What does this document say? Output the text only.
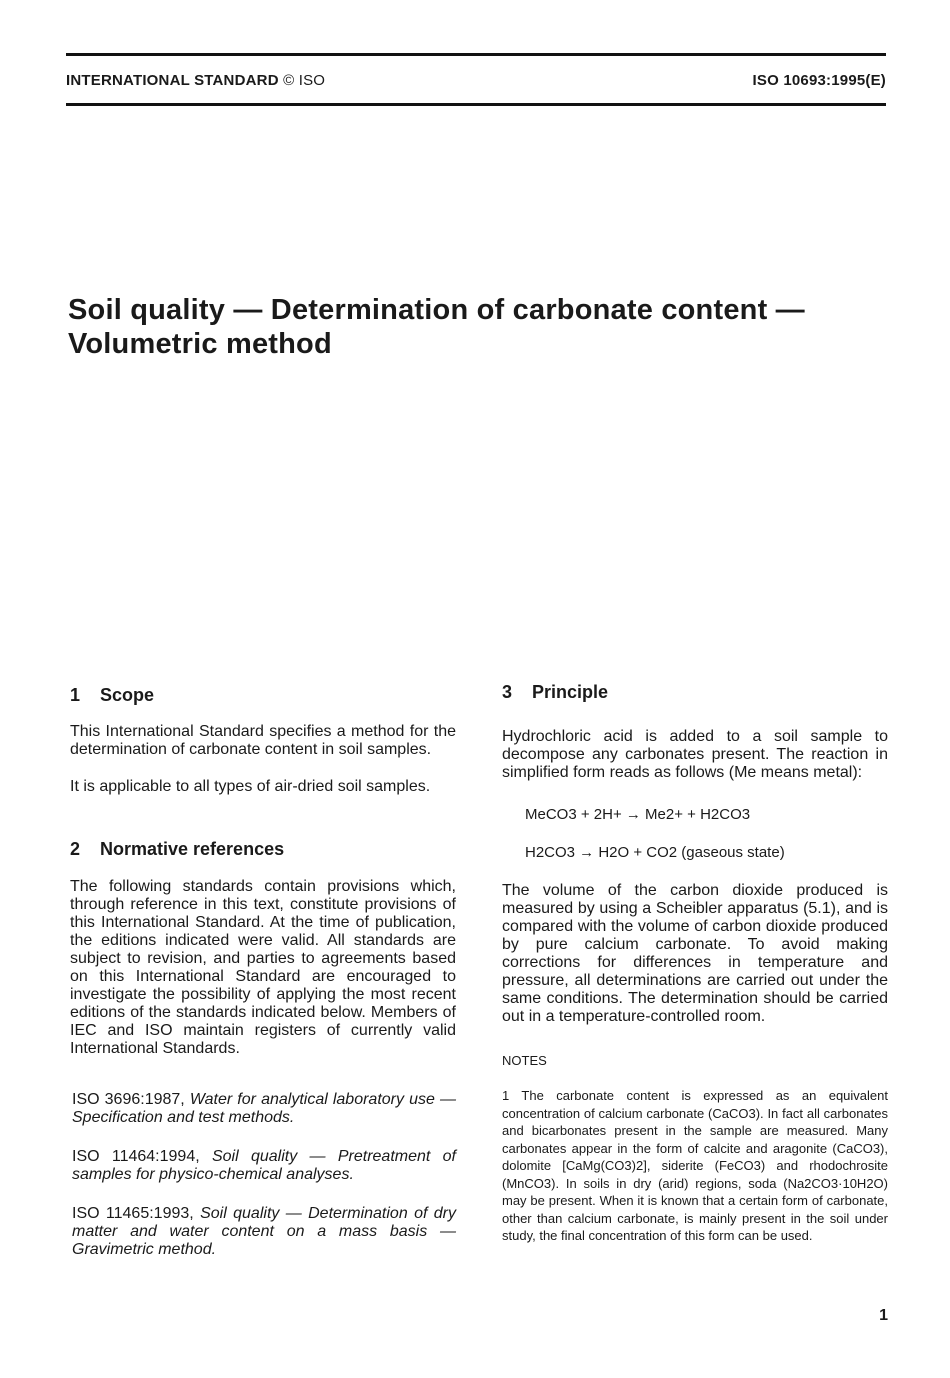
INTERNATIONAL STANDARD © ISO	ISO 10693:1995(E)
Soil quality — Determination of carbonate content —
Volumetric method
1 Scope

This International Standard specifies a method for the determination of carbonate content in soil samples.

It is applicable to all types of air-dried soil samples.

2 Normative references

The following standards contain provisions which, through reference in this text, constitute provisions of this International Standard. At the time of publication, the editions indicated were valid. All standards are subject to revision, and parties to agreements based on this International Standard are encouraged to investigate the possibility of applying the most recent editions of the standards indicated below. Members of IEC and ISO maintain registers of currently valid International Standards.

ISO 3696:1987, Water for analytical laboratory use — Specification and test methods.

ISO 11464:1994, Soil quality — Pretreatment of samples for physico-chemical analyses.

ISO 11465:1993, Soil quality — Determination of dry matter and water content on a mass basis — Gravimetric method.

3 Principle

Hydrochloric acid is added to a soil sample to decompose any carbonates present. The reaction in simplified form reads as follows (Me means metal):

MeCO3 + 2H+ → Me2+ + H2CO3
H2CO3 → H2O + CO2 (gaseous state)

The volume of the carbon dioxide produced is measured by using a Scheibler apparatus (5.1), and is compared with the volume of carbon dioxide produced by pure calcium carbonate. To avoid making corrections for differences in temperature and pressure, all determinations are carried out under the same conditions. The determination should be carried out in a temperature-controlled room.

NOTES

1 The carbonate content is expressed as an equivalent concentration of calcium carbonate (CaCO3). In fact all carbonates and bicarbonates present in the sample are measured. Many carbonates appear in the form of calcite and aragonite (CaCO3), dolomite [CaMg(CO3)2], siderite (FeCO3) and rhodochrosite (MnCO3). In soils in dry (arid) regions, soda (Na2CO3·10H2O) may be present. When it is known that a certain form of carbonate, other than calcium carbonate, is mainly present in the soil under study, the final concentration of this form can be used.

1
